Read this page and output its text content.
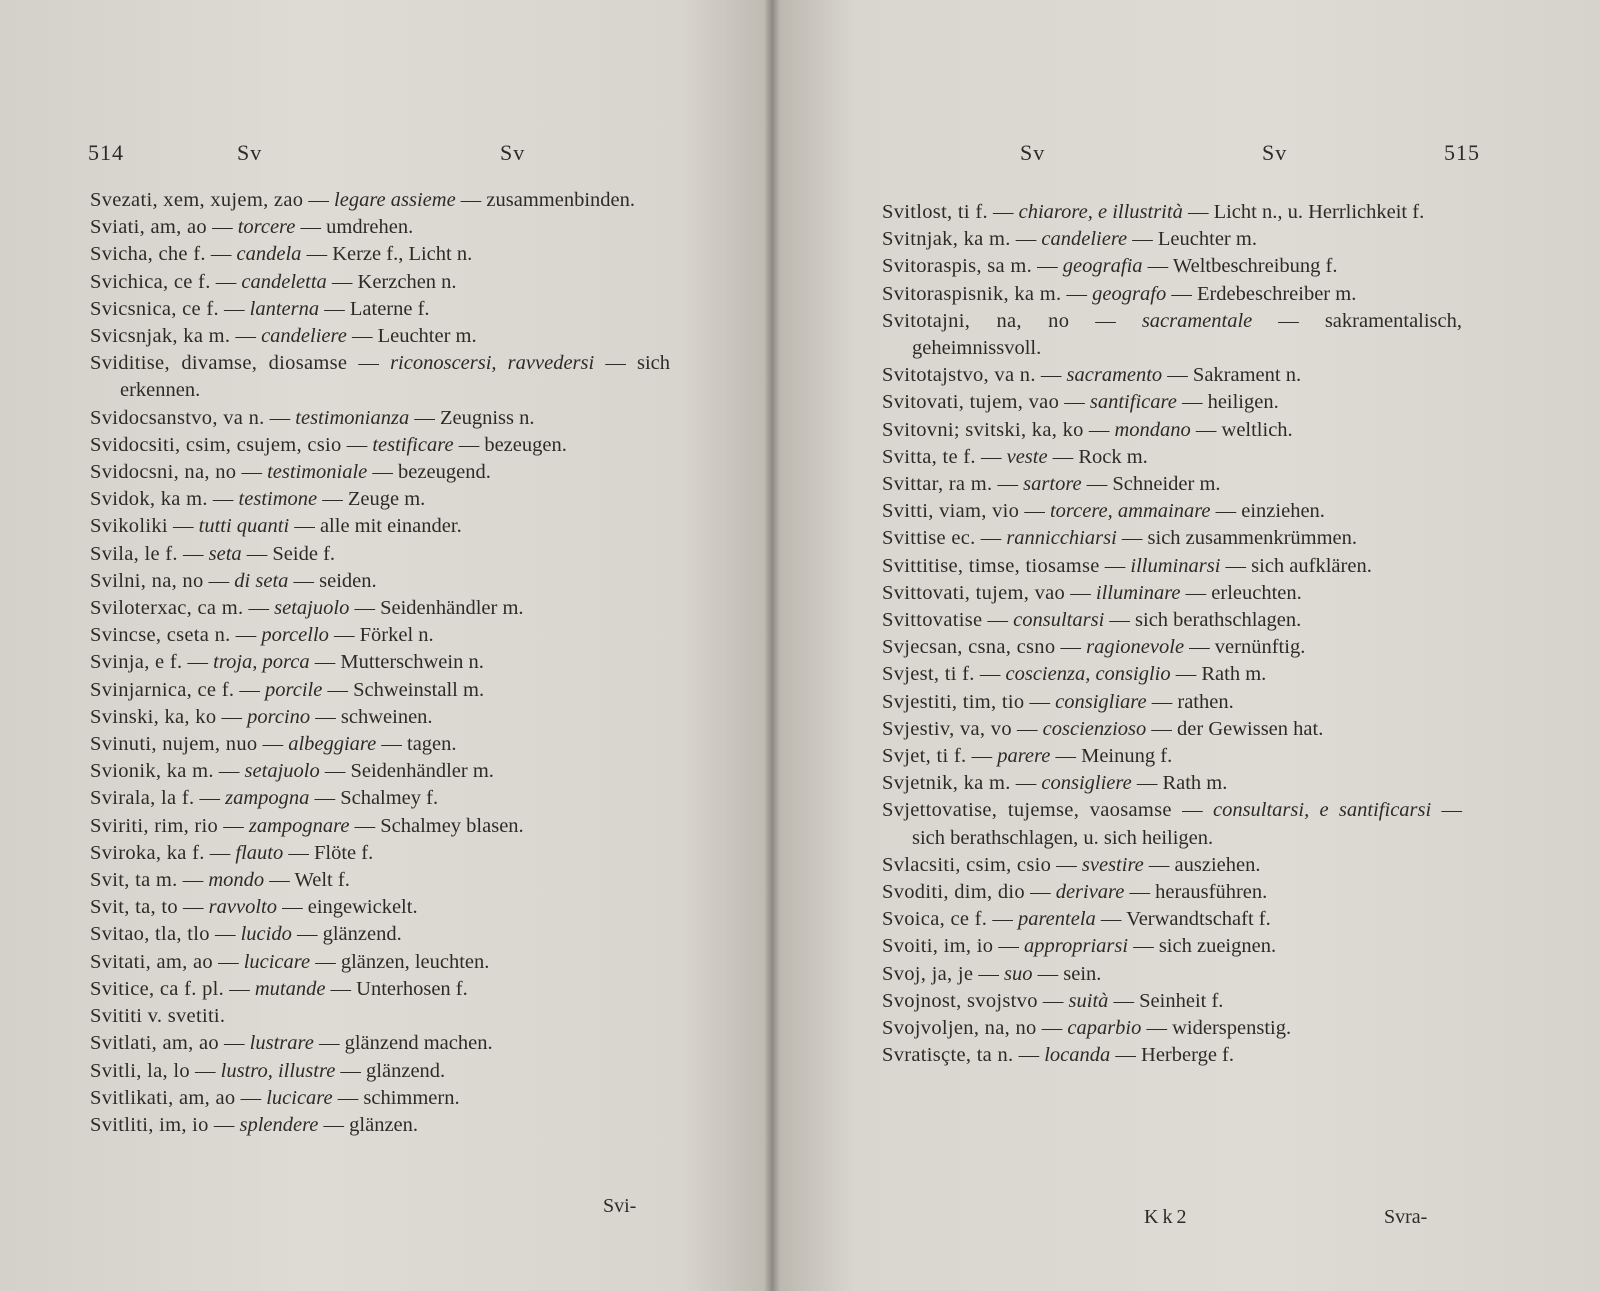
514	Sv	Sv
Svezati, xem, xujem, zao — legare assieme — zusammenbinden.
Sviati, am, ao — torcere — umdrehen.
Svicha, che f. — candela — Kerze f., Licht n.
Svichica, ce f. — candeletta — Kerzchen n.
Svicsnica, ce f. — lanterna — Laterne f.
Svicsnjak, ka m. — candeliere — Leuchter m.
Sviditise, divamse, diosamse — riconoscersi, ravvedersi — sich erkennen.
Svidocsanstvo, va n. — testimonianza — Zeugniss n.
Svidocsiti, csim, csujem, csio — testificare — bezeugen.
Svidocsni, na, no — testimoniale — bezeugend.
Svidok, ka m. — testimone — Zeuge m.
Svikoliki — tutti quanti — alle mit einander.
Svila, le f. — seta — Seide f.
Svilni, na, no — di seta — seiden.
Sviloterxac, ca m. — setajuolo — Seidenhändler m.
Svincse, cseta n. — porcello — Förkel n.
Svinja, e f. — troja, porca — Mutterschwein n.
Svinjarnica, ce f. — porcile — Schweinstall m.
Svinski, ka, ko — porcino — schweinen.
Svinuti, nujem, nuo — albeggiare — tagen.
Svionik, ka m. — setajuolo — Seidenhändler m.
Svirala, la f. — zampogna — Schalmey f.
Sviriti, rim, rio — zampognare — Schalmey blasen.
Sviroka, ka f. — flauto — Flöte f.
Svit, ta m. — mondo — Welt f.
Svit, ta, to — ravvolto — eingewickelt.
Svitao, tla, tlo — lucido — glänzend.
Svitati, am, ao — lucicare — glänzen, leuchten.
Svitice, ca f. pl. — mutande — Unterhosen f.
Svititi v. svetiti.
Svitlati, am, ao — lustrare — glänzend machen.
Svitli, la, lo — lustro, illustre — glänzend.
Svitlikati, am, ao — lucicare — schimmern.
Svitliti, im, io — splendere — glänzen.
Svi-
Sv	Sv	515
Svitlost, ti f. — chiarore, e illustrità — Licht n., u. Herrlichkeit f.
Svitnjak, ka m. — candeliere — Leuchter m.
Svitoraspis, sa m. — geografia — Weltbeschreibung f.
Svitoraspisnik, ka m. — geografo — Erdebeschreiber m.
Svitotajni, na, no — sacramentale — sakramentalisch, geheimnissvoll.
Svitotajstvo, va n. — sacramento — Sakrament n.
Svitovati, tujem, vao — santificare — heiligen.
Svitovni; svitski, ka, ko — mondano — weltlich.
Svitta, te f. — veste — Rock m.
Svittar, ra m. — sartore — Schneider m.
Svitti, viam, vio — torcere, ammainare — einziehen.
Svittise ec. — rannicchiarsi — sich zusammenkrümmen.
Svittitise, timse, tiosamse — illuminarsi — sich aufklären.
Svittovati, tujem, vao — illuminare — erleuchten.
Svittovatise — consultarsi — sich berathschlagen.
Svjecsan, csna, csno — ragionevole — vernünftig.
Svjest, ti f. — coscienza, consiglio — Rath m.
Svjestiti, tim, tio — consigliare — rathen.
Svjestiv, va, vo — coscienzioso — der Gewissen hat.
Svjet, ti f. — parere — Meinung f.
Svjetnik, ka m. — consigliere — Rath m.
Svjettovatise, tujemse, vaosamse — consultarsi, e santificarsi — sich berathschlagen, u. sich heiligen.
Svlacsiti, csim, csio — svestire — ausziehen.
Svoditi, dim, dio — derivare — herausführen.
Svoica, ce f. — parentela — Verwandtschaft f.
Svoiti, im, io — appropriarsi — sich zueignen.
Svoj, ja, je — suo — sein.
Svojnost, svojstvo — suità — Seinheit f.
Svojvoljen, na, no — caparbio — widerspenstig.
Svratisçte, ta n. — locanda — Herberge f.
Kk2	Svra-
